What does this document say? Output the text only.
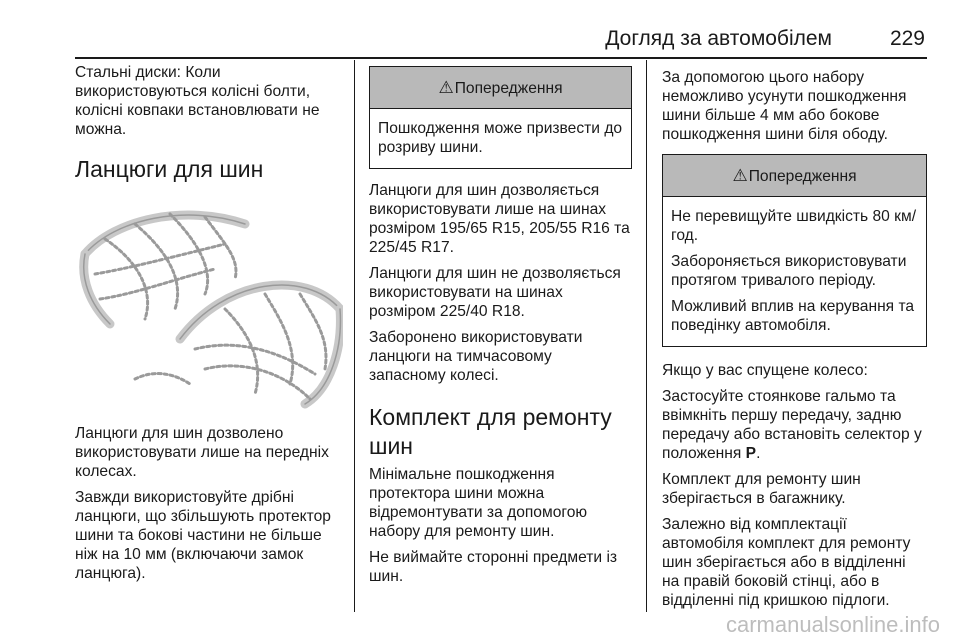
Догляд за автомобілем	229

Стальні диски: Коли використовуються колісні болти, колісні ковпаки встановлювати не можна.

Ланцюги для шин

Ланцюги для шин дозволено використовувати лише на передніх колесах.

Завжди використовуйте дрібні ланцюги, що збільшують протектор шини та бокові частини не більше ніж на 10 мм (включаючи замок ланцюга).

⚠Попередження

Пошкодження може призвести до розриву шини.

Ланцюги для шин дозволяється використовувати лише на шинах розміром 195/65 R15, 205/55 R16 та 225/45 R17.

Ланцюги для шин не дозволяється використовувати на шинах розміром 225/40 R18.

Заборонено використовувати ланцюги на тимчасовому запасному колесі.

Комплект для ремонту шин

Мінімальне пошкодження протектора шини можна відремонтувати за допомогою набору для ремонту шин.

Не виймайте сторонні предмети із шин.

За допомогою цього набору неможливо усунути пошкодження шини більше 4 мм або бокове пошкодження шини біля ободу.

⚠Попередження

Не перевищуйте швидкість 80 км/год.

Забороняється використовувати протягом тривалого періоду.

Можливий вплив на керування та поведінку автомобіля.

Якщо у вас спущене колесо:

Застосуйте стоянкове гальмо та ввімкніть першу передачу, задню передачу або встановіть селектор у положення P.

Комплект для ремонту шин зберігається в багажнику.

Залежно від комплектації автомобіля комплект для ремонту шин зберігається або в відділенні на правій боковій стінці, або в відділенні під кришкою підлоги.

carmanualsonline.info
